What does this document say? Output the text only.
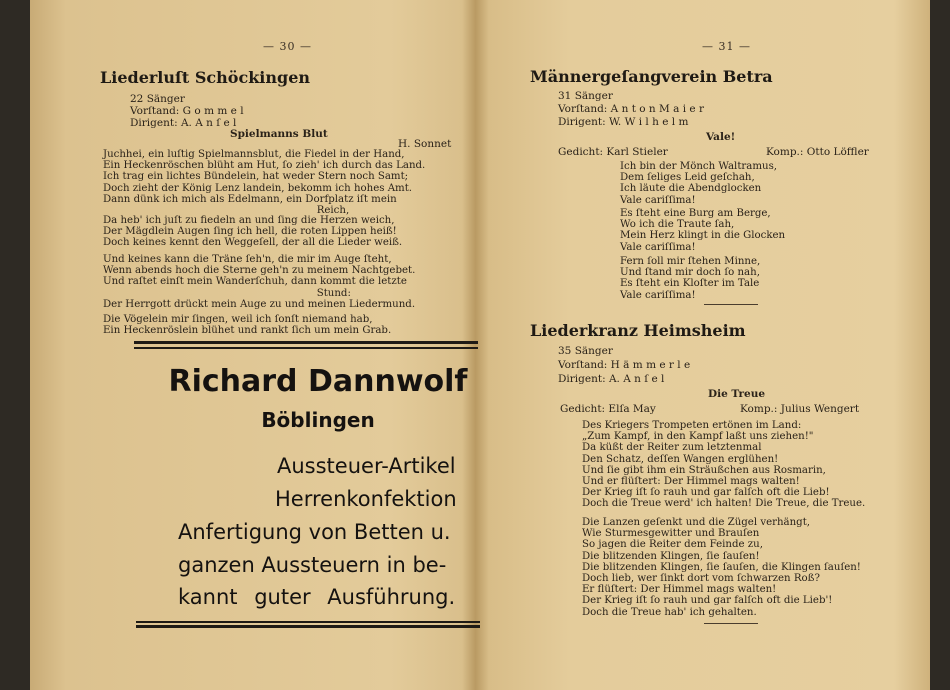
— 30 —
Liederluſt Schöckingen
22 Sänger
Vorſtand: G o m m e l
Dirigent: A. A n ſ e l
Spielmanns Blut
H. Sonnet
Juchhei, ein luſtig Spielmannsblut, die Fiedel in der Hand,
Ein Heckenröschen blüht am Hut, ſo zieh' ich durch das Land.
Ich trag ein lichtes Bündelein, hat weder Stern noch Samt;
Doch zieht der König Lenz landein, bekomm ich hohes Amt.
Dann dünk ich mich als Edelmann, ein Dorfplatz iſt mein
Reich,
Da heb' ich juſt zu fiedeln an und ſing die Herzen weich,
Der Mägdlein Augen ſing ich hell, die roten Lippen heiß!
Doch keines kennt den Weggeſell, der all die Lieder weiß.
Und keines kann die Träne ſeh'n, die mir im Auge ſteht,
Wenn abends hoch die Sterne geh'n zu meinem Nachtgebet.
Und raſtet einſt mein Wanderſchuh, dann kommt die letzte
Stund:
Der Herrgott drückt mein Auge zu und meinen Liedermund.
Die Vögelein mir ſingen, weil ich ſonſt niemand hab,
Ein Heckenröslein blühet und rankt ſich um mein Grab.
Richard Dannwolf
Böblingen
Aussteuer-Artikel
Herrenkonfektion
Anfertigung von Betten u.
ganzen Aussteuern in be-
kannt guter Ausführung.
— 31 —
Männergeſangverein Betra
31 Sänger
Vorſtand: A n t o n M a i e r
Dirigent: W. W i l h e l m
Vale!
Gedicht: Karl Stieler	Komp.: Otto Löffler
Ich bin der Mönch Waltramus,
Dem ſeliges Leid geſchah,
Ich läute die Abendglocken
Vale cariſſima!
Es ſteht eine Burg am Berge,
Wo ich die Traute ſah,
Mein Herz klingt in die Glocken
Vale cariſſima!
Fern ſoll mir ſtehen Minne,
Und ſtand mir doch ſo nah,
Es ſteht ein Kloſter im Tale
Vale cariſſima!
Liederkranz Heimsheim
35 Sänger
Vorſtand: H ä m m e r l e
Dirigent: A. A n ſ e l
Die Treue
Gedicht: Elſa May	Komp.: Julius Wengert
Des Kriegers Trompeten ertönen im Land:
„Zum Kampf, in den Kampf laßt uns ziehen!"
Da küßt der Reiter zum letztenmal
Den Schatz, deſſen Wangen erglühen!
Und ſie gibt ihm ein Sträußchen aus Rosmarin,
Und er flüſtert: Der Himmel mags walten!
Der Krieg iſt ſo rauh und gar falſch oft die Lieb!
Doch die Treue werd' ich halten! Die Treue, die Treue.
Die Lanzen geſenkt und die Zügel verhängt,
Wie Sturmesgewitter und Brauſen
So jagen die Reiter dem Feinde zu,
Die blitzenden Klingen, ſie ſauſen!
Die blitzenden Klingen, ſie ſauſen, die Klingen ſauſen!
Doch lieb, wer ſinkt dort vom ſchwarzen Roß?
Er flüſtert: Der Himmel mags walten!
Der Krieg iſt ſo rauh und gar falſch oft die Lieb'!
Doch die Treue hab' ich gehalten.
